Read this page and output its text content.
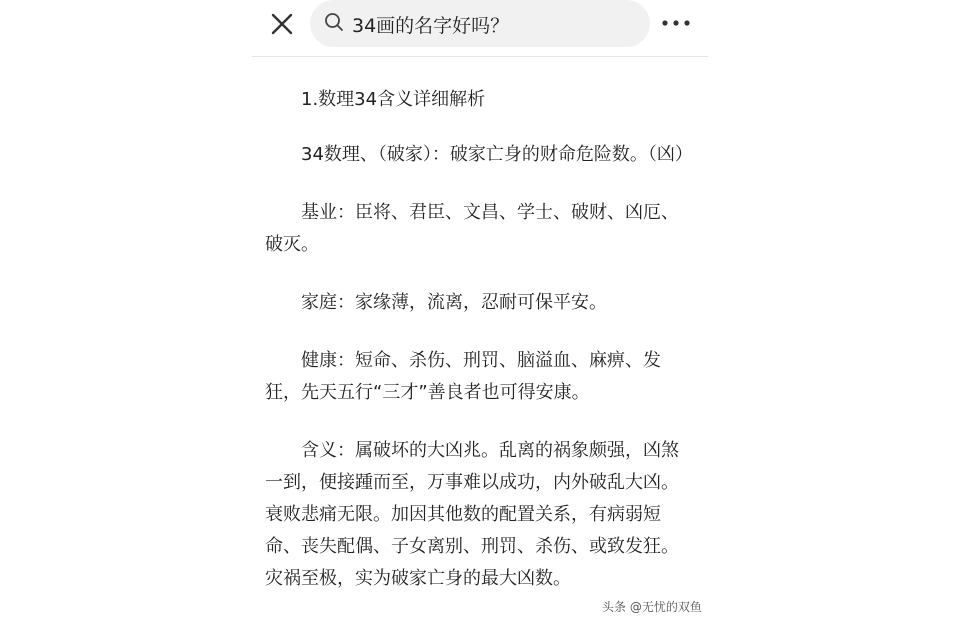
34画的名字好吗？

1.数理34含义详细解析

34数理、（破家）：破家亡身的财命危险数。（凶）

基业：臣将、君臣、文昌、学士、破财、凶厄、破灭。

家庭：家缘薄，流离，忍耐可保平安。

健康：短命、杀伤、刑罚、脑溢血、麻痹、发狂，先天五行“三才”善良者也可得安康。

含义：属破坏的大凶兆。乱离的祸象颇强，凶煞一到，便接踵而至，万事难以成功，内外破乱大凶。衰败悲痛无限。加因其他数的配置关系，有病弱短命、丧失配偶、子女离别、刑罚、杀伤、或致发狂。灾祸至极，实为破家亡身的最大凶数。

头条 @无忧的双鱼
